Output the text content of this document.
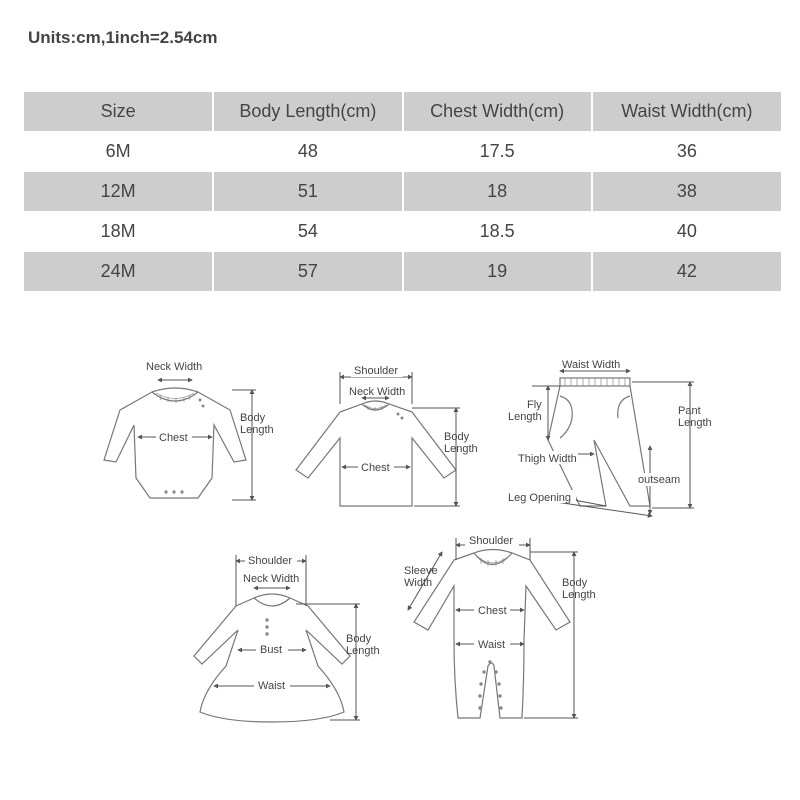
Units:cm,1inch=2.54cm
Size	Body Length(cm)	Chest Width(cm)	Waist Width(cm)
6M	48	17.5	36
12M	51	18	38
18M	54	18.5	40
24M	57	19	42
Neck Width
Chest
Body
Length
Shoulder
Neck Width
Chest
Body
Length
Waist Width
Fly
Length	Pant
Length
Thigh Width
outseam
Leg Opening
Shoulder
Neck Width
Bust
Waist
Body
Length
Shoulder
Sleeve
Width
Chest
Waist
Body
Length
